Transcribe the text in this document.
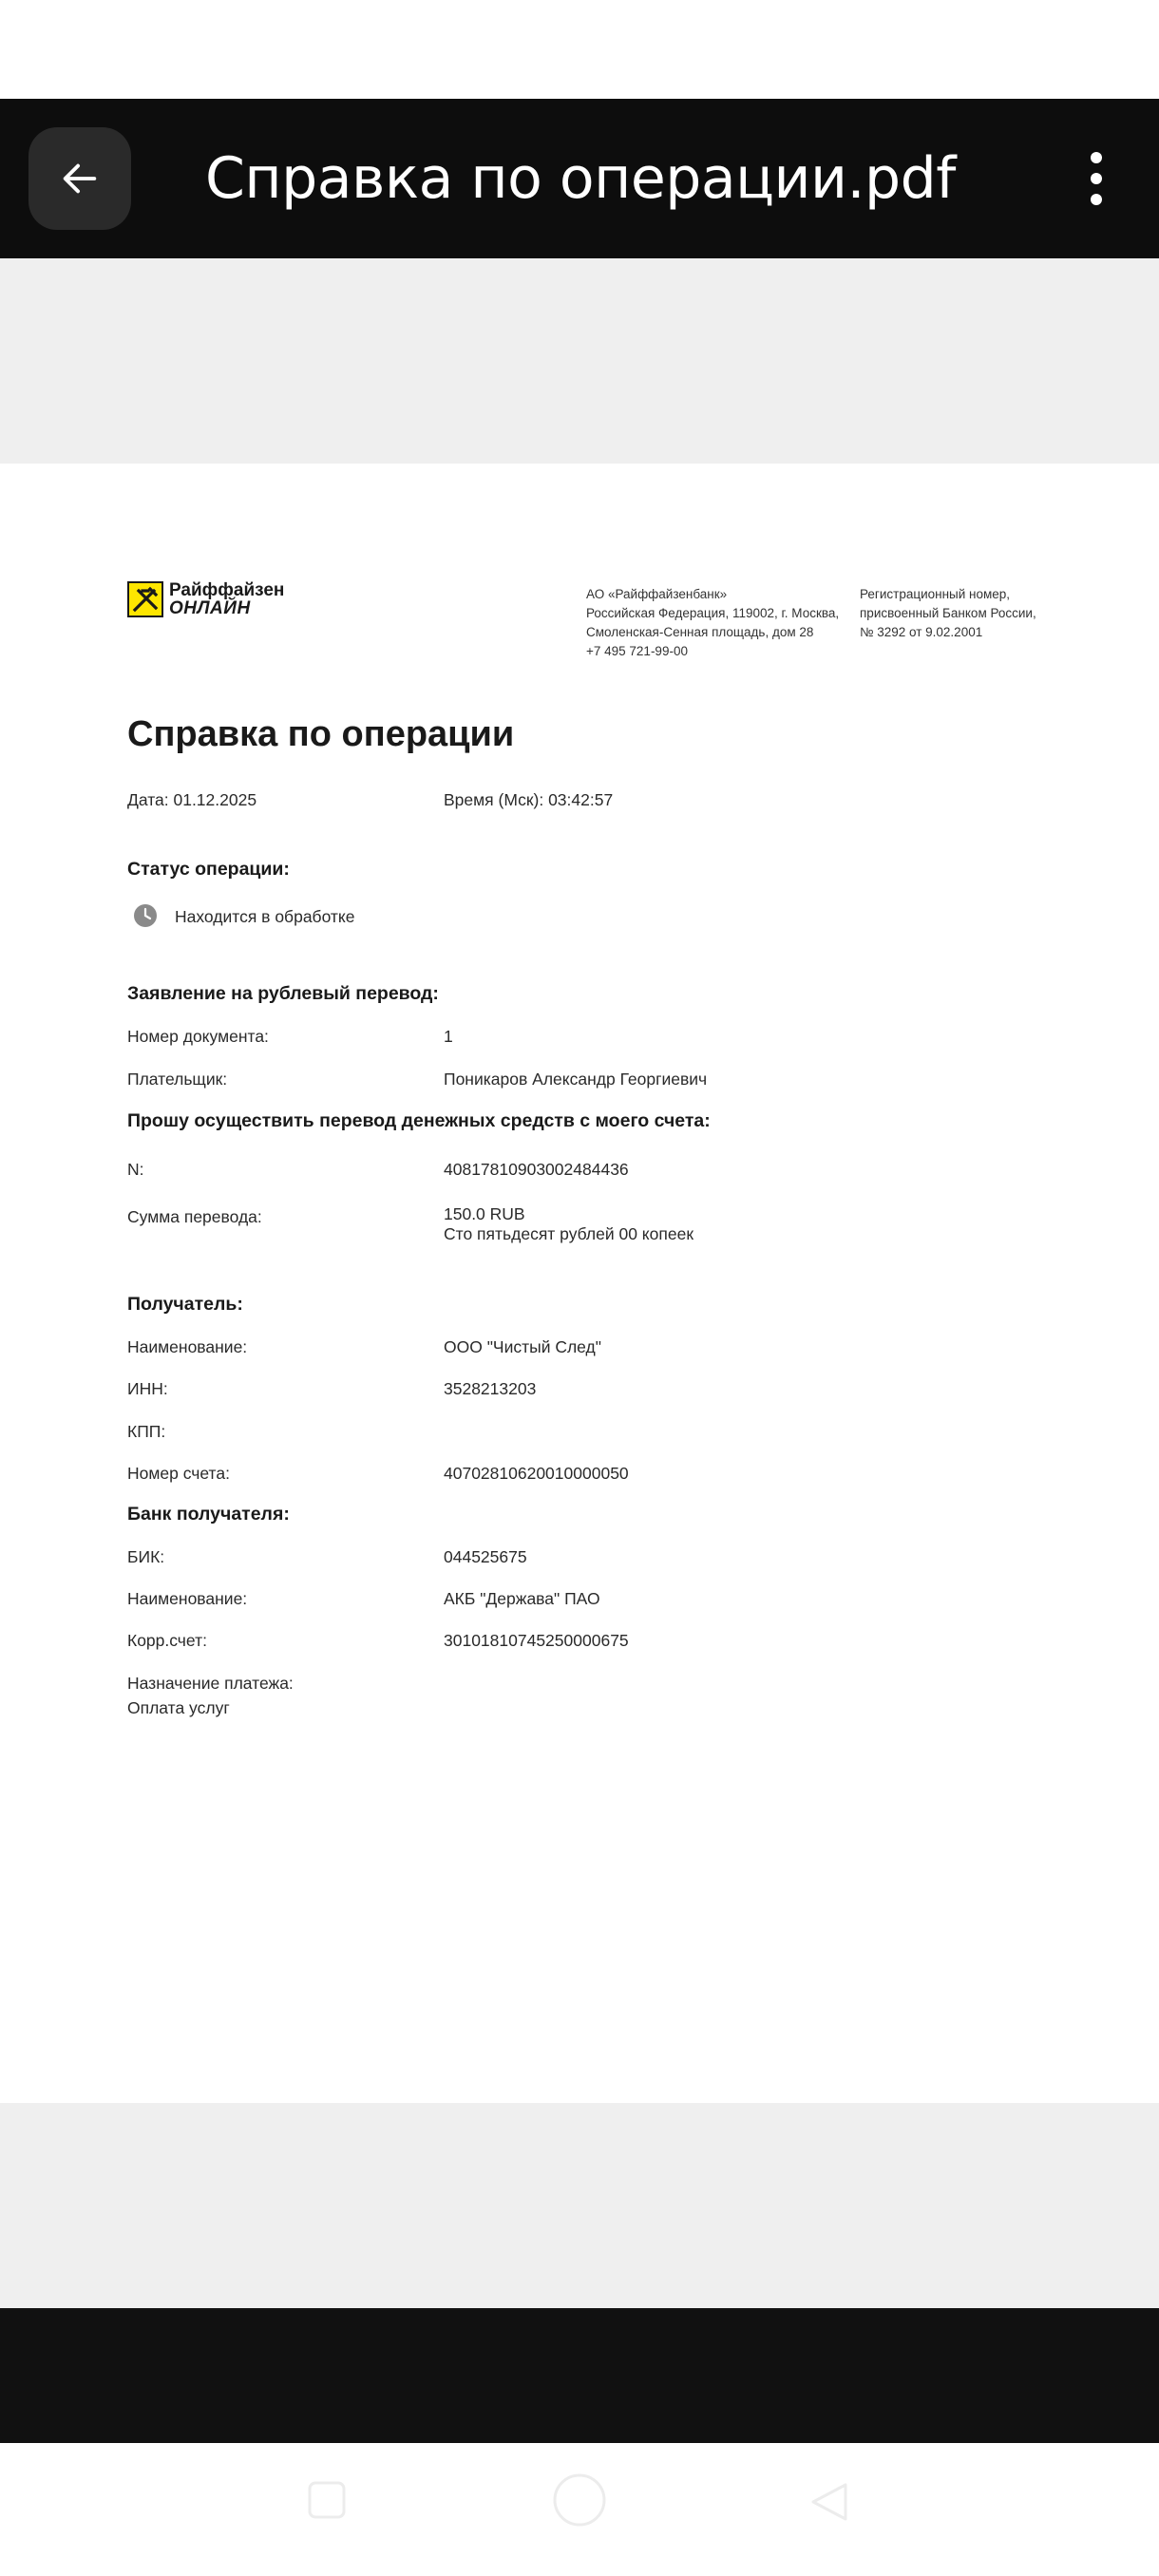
Справка по операции.pdf
Райффайзен
ОНЛАЙН
АО «Райффайзенбанк»
Российская Федерация, 119002, г. Москва,
Смоленская-Сенная площадь, дом 28
+7 495 721-99-00
Регистрационный номер,
присвоенный Банком России,
№ 3292 от 9.02.2001
Справка по операции
Дата: 01.12.2025	Время (Мск): 03:42:57
Статус операции:
Находится в обработке
Заявление на рублевый перевод:
Номер документа:	1
Плательщик:	Поникаров Александр Георгиевич
Прошу осуществить перевод денежных средств с моего счета:
N:	40817810903002484436
Сумма перевода:	150.0 RUB
Сто пятьдесят рублей 00 копеек
Получатель:
Наименование:	ООО "Чистый След"
ИНН:	3528213203
КПП:
Номер счета:	40702810620010000050
Банк получателя:
БИК:	044525675
Наименование:	АКБ "Держава" ПАО
Корр.счет:	30101810745250000675
Назначение платежа:
Оплата услуг
